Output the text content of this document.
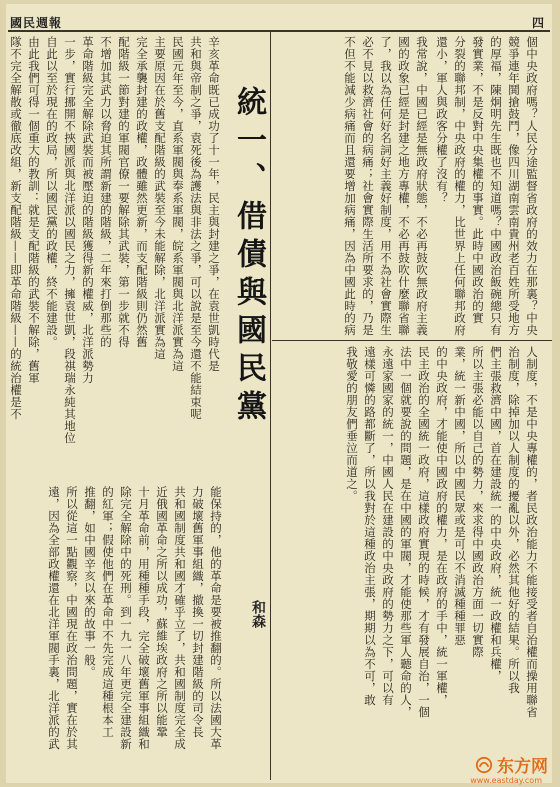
國民週報	四
個中央政府嗎？人民分途監督省政府的效力在那裏？中央
競爭連年鬨搶鼓鬥，像四川湖南雲南貴州老百姓所受地方
的厚福，陳炯明先生既也不知道嗎？中國政治飯碗總只有
發實業，不是反對中央集權的事實。此時中國政治的實
分裂的聯邦制，中央政府的權力，比世界上任何聯邦政府
還小，軍人與政客分權了沒有？
我常說，中國已經是無政府狀態，不必再鼓吹無政府主義
國的政象已經是封建之地方專權，不必再鼓吹什麼聯省聯
了，我以為任何好名詞好主義好制度，用不為社會實際生
必不見以救濟社會的病痛；社會實際生活所要求的，乃是
不但不能減少病痛而且還要增加病痛，因為中國此時的病
統一、借債與國民黨
和森
辛亥革命既已成功了十一年，民主與封建之爭，在袁世凱時代是
共和與帝制之爭，袁死後為護法與非法之爭，可以說是至今還不能結束呢
民國元年至今，直系軍閥與奉系軍閥，皖系軍閥與北洋派實為這
主要原因在於舊支配階級的武裝至今未能解除，北洋派實為這
完全承襲封建的政權，政體雖然更新，而支配階級則仍然舊
配階級一節對建的軍閥官僚一要解除其武裝，第一步就不得
不增加其武力以脅迫其所謂新建的階級，二年來打倒那些的
革命階級完全解除武裝而被壓迫的階級獲得新的權威，北洋派勢力
一步，實行挪開不挾國派與北洋派以國民之力，擁袁世凱，段祺瑞永純其地位
自此以至於現在的政局，所以國民黨的政權，終不能建設。
由此我們可得一個重大的教訓：就是支配階級的武裝不解除，舊軍
隊不完全解散或徹底改組，新支配階級——即革命階級——的統治權是不	人制度，不是中央專權的，者民政治能力不能接受者自治權而操用聯省
治制度，除掉加以人制度的擾亂以外，必然其他好的結果。所以我
們主張救濟中國，首在建設統一的中央政府，統一政權和兵權，
所以主張必能以自己的勢力，來求得中國政治方面一切實際
業，統一新中國，所以中國民眾或是可以不消滅種種罪惡
的中央政府，才能使中國政府的權力，是在政府的手中，統一軍權，
民主政治的全國統一政府，這樣政府實現的時候，才有發展自治，一個
法中一個就要說的問題，是在中國的軍閥，才能使那些軍人聽命的人，
永遠家國家的統一，中國人民在建設的中央政府的勢力之下，可以有
遠樣可憐的路都斷了，所以我對於這種政治主張，期期以為不可，敢
我敬愛的朋友們垂泣而道之。
能保持的，他的革命是要被推翻的。所以法國大革
力破壞舊軍事組織，撤換一切封建階級的司令長
共和國制度共和國才確乎立了，共和國制度完全成
近俄國革命之所以成功，蘇維埃政府之所以能鞏
十月革命前，用種種手段，完全破壞舊軍事組織和
除完全解除中的死刑。到一九一八年更完全建設新
的紅軍；假使他們在革命中不先完成這種根本工
推翻，如中國辛亥以來的故事一般。
所以從這一點觀察，中國現在政治問題，實在於其
遠，因為全部政權還在北洋軍閥手裏，北洋派的武
东方网
www.eastday.com
